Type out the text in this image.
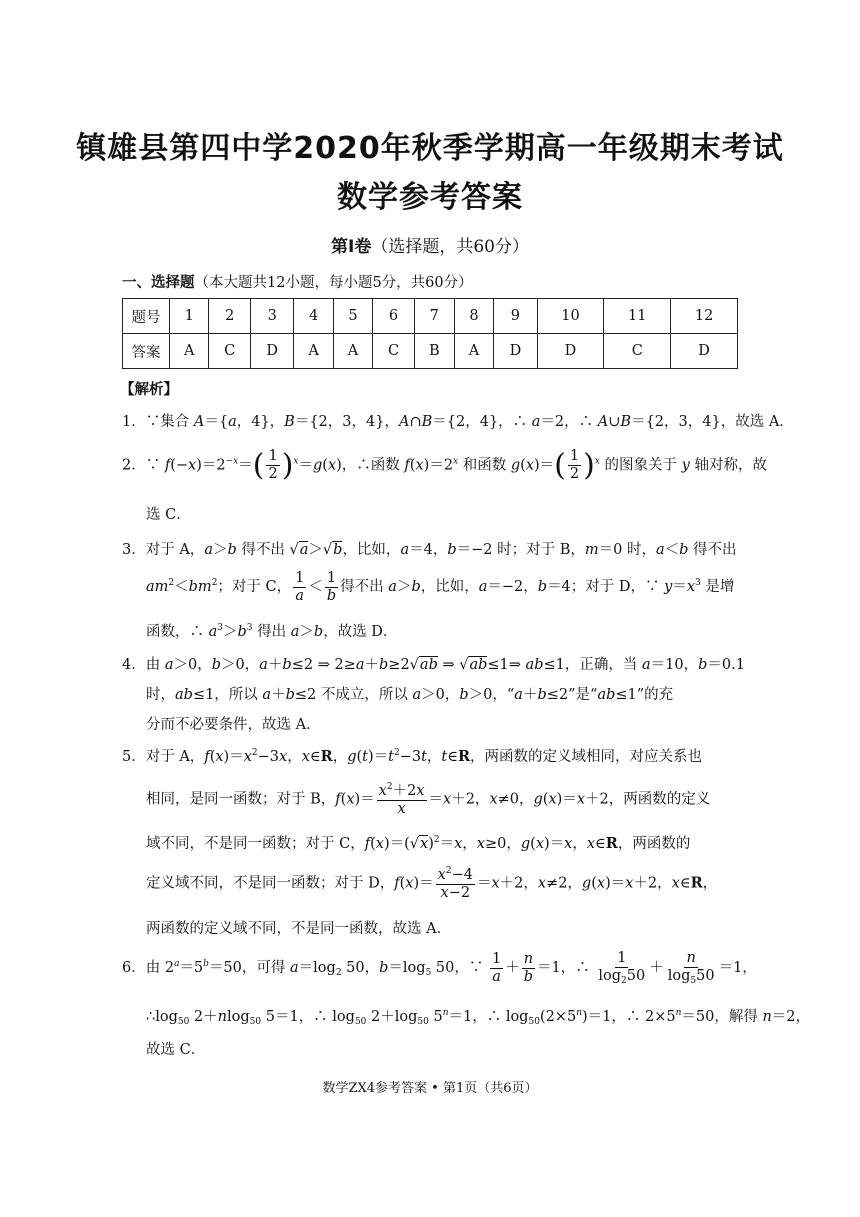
镇雄县第四中学2020年秋季学期高一年级期末考试
数学参考答案
第Ⅰ卷（选择题，共60分）
一、选择题（本大题共12小题，每小题5分，共60分）
题号	1	2	3	4	5	6	7	8	9	10	11	12
答案	A	C	D	A	A	C	B	A	D	D	C	D
【解析】
1．∵集合 A＝{a，4}，B＝{2，3，4}，A∩B＝{2，4}，∴ a＝2，∴ A∪B＝{2，3，4}，故选 A．
2．∵ $f(-x)=2^{-x}=( \frac{1}{2} )^x=g(x)$，∴函数 $f(x)=2^x$ 和函数 $g(x)=( \frac{1}{2} )^x$ 的图象关于 y 轴对称，故
选 C．
3．对于 A，a＞b 得不出 √a＞√b，比如，a＝4，b＝−2 时；对于 B，m＝0 时，a＜b 得不出
$am^2<bm^2$；对于 C， $\frac{1}{a} < \frac{1}{b}$ 得不出 a＞b，比如，a＝−2，b＝4；对于 D，∵ $y=x^3$ 是增
函数，∴ $a^3>b^3$ 得出 a＞b，故选 D．
4．由 a＞0，b＞0，a＋b≤2 ⇒ 2≥a＋b≥2√ab ⇒ √ab≤1⇒ ab≤1，正确，当 a＝10，b＝0.1
时，ab≤1，所以 a＋b≤2 不成立，所以 a＞0，b＞0，“a＋b≤2”是“ab≤1”的充
分而不必要条件，故选 A．
5．对于 A，$f(x)=x^2-3x$，x∈R，$g(t)=t^2-3t$，t∈R，两函数的定义域相同，对应关系也
相同，是同一函数；对于 B，$f(x)= \frac{x^2+2x}{x} =x+2$，x≠0，g(x)＝x＋2，两函数的定义
域不同，不是同一函数；对于 C，$f(x)=(√x)^2=x$，x≥0，g(x)＝x，x∈R，两函数的
定义域不同，不是同一函数；对于 D，$f(x)= \frac{x^2-4}{x-2} =x+2$，x≠2，g(x)＝x＋2，x∈R，
两函数的定义域不同，不是同一函数，故选 A．
6．由 $2^a=5^b=50$，可得 $a=\log_2$ 50，$b=\log_5$ 50，∵ $\frac{1}{a} + \frac{n}{b} =1$，∴ $\frac{1}{\log_250} + \frac{n}{\log_550} =1$，
$\therefore\log_{50}$ 2＋nlog$_{50}$ 5＝1，∴ $\log_{50} 2+\log_{50}$ $5^n=1$，∴ $\log_{50}(2\times 5^n)=1$，∴ $2\times 5^n=50$，解得 n＝2，
故选 C．
数学ZX4参考答案 • 第1页（共6页）
